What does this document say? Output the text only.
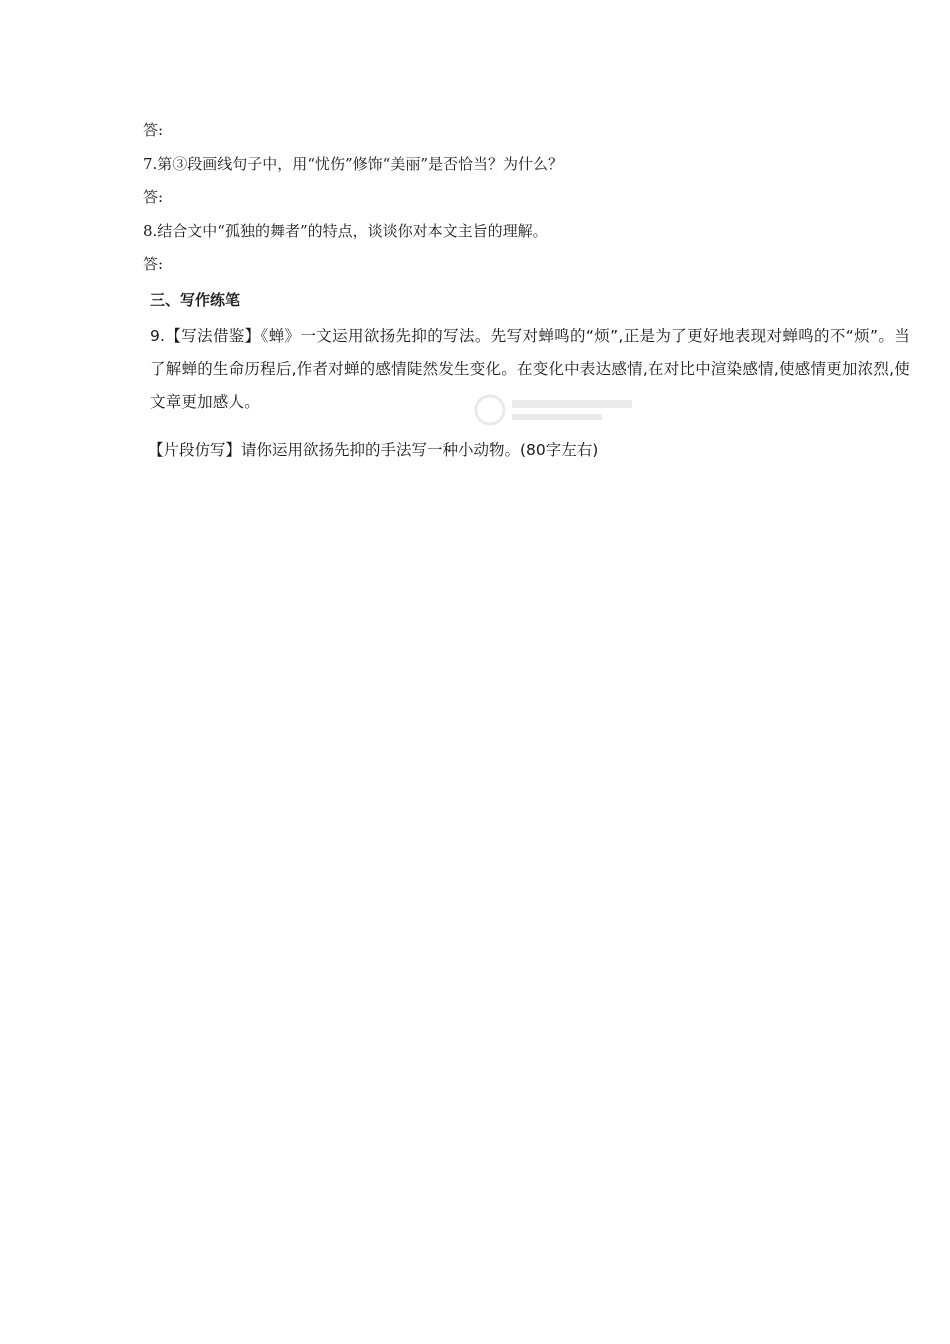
答:
7.第③段画线句子中，用“忧伤”修饰“美丽”是否恰当？为什么？
答:
8.结合文中“孤独的舞者”的特点，谈谈你对本文主旨的理解。
答:
三、写作练笔
9.【写法借鉴】《蝉》一文运用欲扬先抑的写法。先写对蝉鸣的“烦”,正是为了更好地表现对蝉鸣的不“烦”。当了解蝉的生命历程后,作者对蝉的感情陡然发生变化。在变化中表达感情,在对比中渲染感情,使感情更加浓烈,使文章更加感人。
【片段仿写】请你运用欲扬先抑的手法写一种小动物。(80字左右)
